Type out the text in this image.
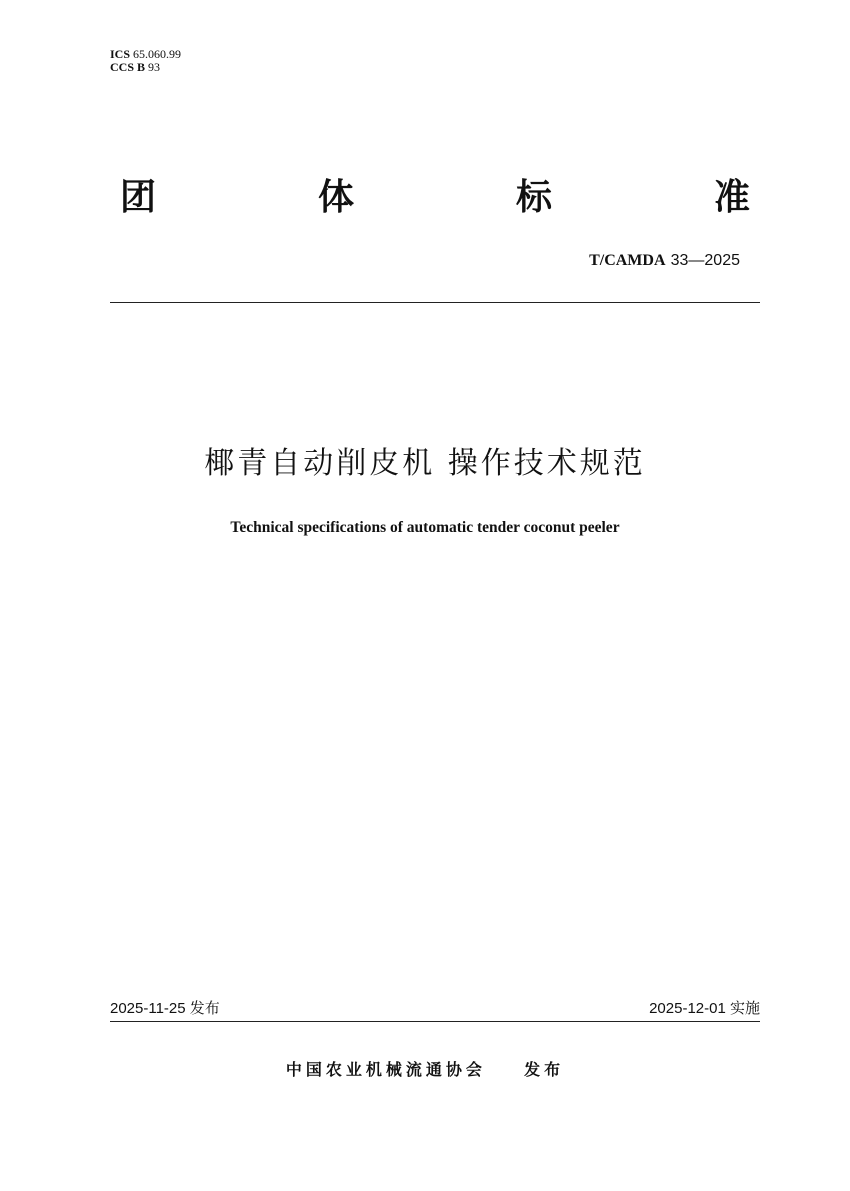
ICS 65.060.99
CCS B 93
团	体	标	准
T/CAMDA 33—2025
椰青自动削皮机 操作技术规范
Technical specifications of automatic tender coconut peeler
2025-11-25 发布	2025-12-01 实施
中国农业机械流通协会 发布
